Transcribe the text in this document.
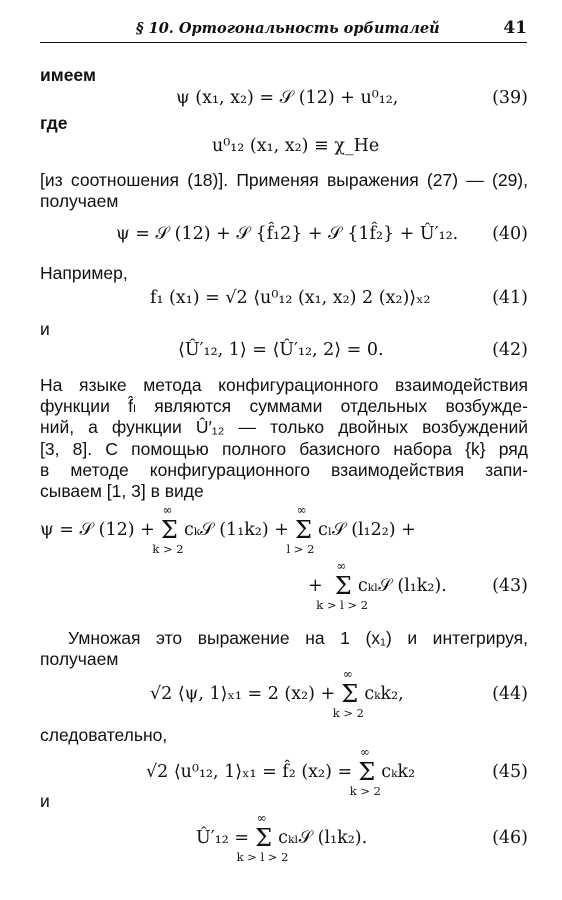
§ 10. Ортогональность орбиталей	41
имеем
ψ (x₁, x₂) = 𝒮 (12) + u⁰₁₂,	(39)
где
u⁰₁₂ (x₁, x₂) ≡ χ_He
[из соотношения (18)]. Применяя выражения (27) — (29),
получаем
ψ = 𝒮 (12) + 𝒮 {f̂₁2} + 𝒮 {1f̂₂} + Û′₁₂. (40)
Например,
f₁ (x₁) = √2 ⟨u⁰₁₂ (x₁, x₂) 2 (x₂)⟩ₓ₂	(41)
и
⟨Û′₁₂, 1⟩ = ⟨Û′₁₂, 2⟩ = 0.	(42)
На языке метода конфигурационного взаимодействия
функции f̂ₗ являются суммами отдельных возбужде-
ний, а функции Û′₁₂ — только двойных возбуждений
[3, 8]. С помощью полного базисного набора {k} ряд
в методе конфигурационного взаимодействия запи-
сываем [1, 3] в виде
ψ = 𝒮 (12) +
∞
Σ
k > 2
cₖ𝒮 (1₁k₂) +
∞
Σ
l > 2
cₗ𝒮 (l₁2₂) +
+
∞
Σ
k > l > 2
cₖₗ𝒮 (l₁k₂).	(43)
Умножая это выражение на 1 (x₁) и интегрируя,
получаем
√2 ⟨ψ, 1⟩ₓ₁ = 2 (x₂) +
∞
Σ
k > 2
cₖk₂,	(44)
следовательно,
√2 ⟨u⁰₁₂, 1⟩ₓ₁ = f̂₂ (x₂) =
∞
Σ
k > 2
cₖk₂	(45)
и
Û′₁₂ =
∞
Σ
k > l > 2
cₖₗ𝒮 (l₁k₂).	(46)
